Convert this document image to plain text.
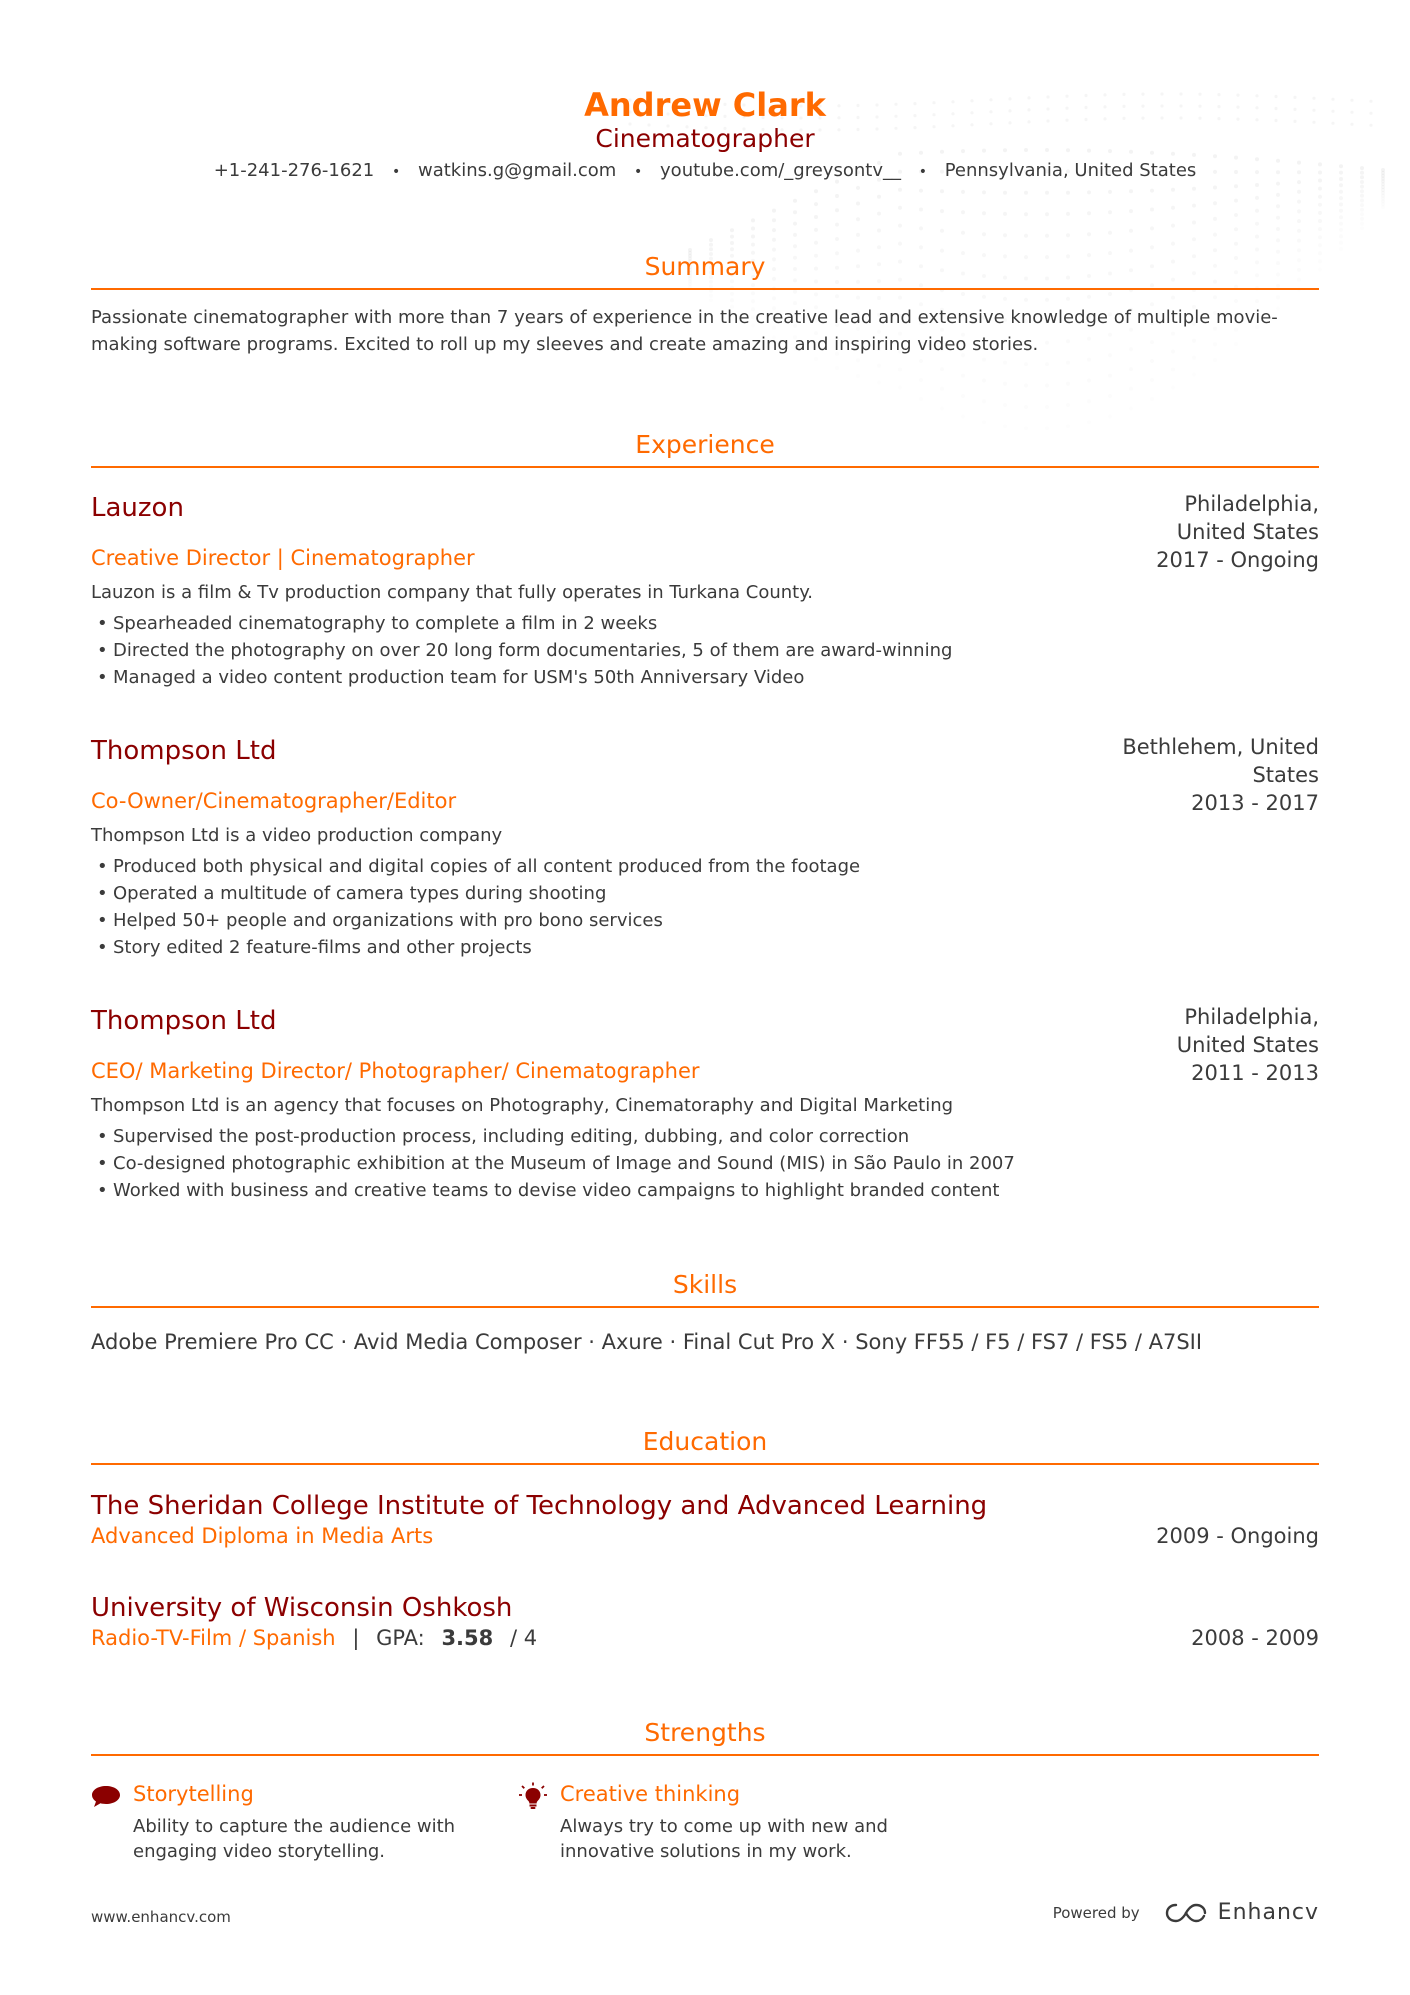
Andrew Clark
Cinematographer
+1-241-276-1621 • watkins.g@gmail.com • youtube.com/_greysontv__ • Pennsylvania, United States
Summary
Passionate cinematographer with more than 7 years of experience in the creative lead and extensive knowledge of multiple movie-making software programs. Excited to roll up my sleeves and create amazing and inspiring video stories.
Experience
Lauzon	Philadelphia,
United States
2017 - Ongoing
Creative Director | Cinematographer
Lauzon is a film & Tv production company that fully operates in Turkana County.
• Spearheaded cinematography to complete a film in 2 weeks
• Directed the photography on over 20 long form documentaries, 5 of them are award-winning
• Managed a video content production team for USM's 50th Anniversary Video
Thompson Ltd	Bethlehem, United
States
2013 - 2017
Co-Owner/Cinematographer/Editor
Thompson Ltd is a video production company
• Produced both physical and digital copies of all content produced from the footage
• Operated a multitude of camera types during shooting
• Helped 50+ people and organizations with pro bono services
• Story edited 2 feature-films and other projects
Thompson Ltd	Philadelphia,
United States
2011 - 2013
CEO/ Marketing Director/ Photographer/ Cinematographer
Thompson Ltd is an agency that focuses on Photography, Cinematoraphy and Digital Marketing
• Supervised the post-production process, including editing, dubbing, and color correction
• Co-designed photographic exhibition at the Museum of Image and Sound (MIS) in São Paulo in 2007
• Worked with business and creative teams to devise video campaigns to highlight branded content
Skills
Adobe Premiere Pro CC · Avid Media Composer · Axure · Final Cut Pro X · Sony FF55 / F5 / FS7 / FS5 / A7SII
Education
The Sheridan College Institute of Technology and Advanced Learning
Advanced Diploma in Media Arts	2009 - Ongoing
University of Wisconsin Oshkosh
Radio-TV-Film / Spanish | GPA: 3.58 / 4	2008 - 2009
Strengths
Storytelling
Ability to capture the audience with engaging video storytelling.
Creative thinking
Always try to come up with new and innovative solutions in my work.
www.enhancv.com	Powered by	Enhancv
